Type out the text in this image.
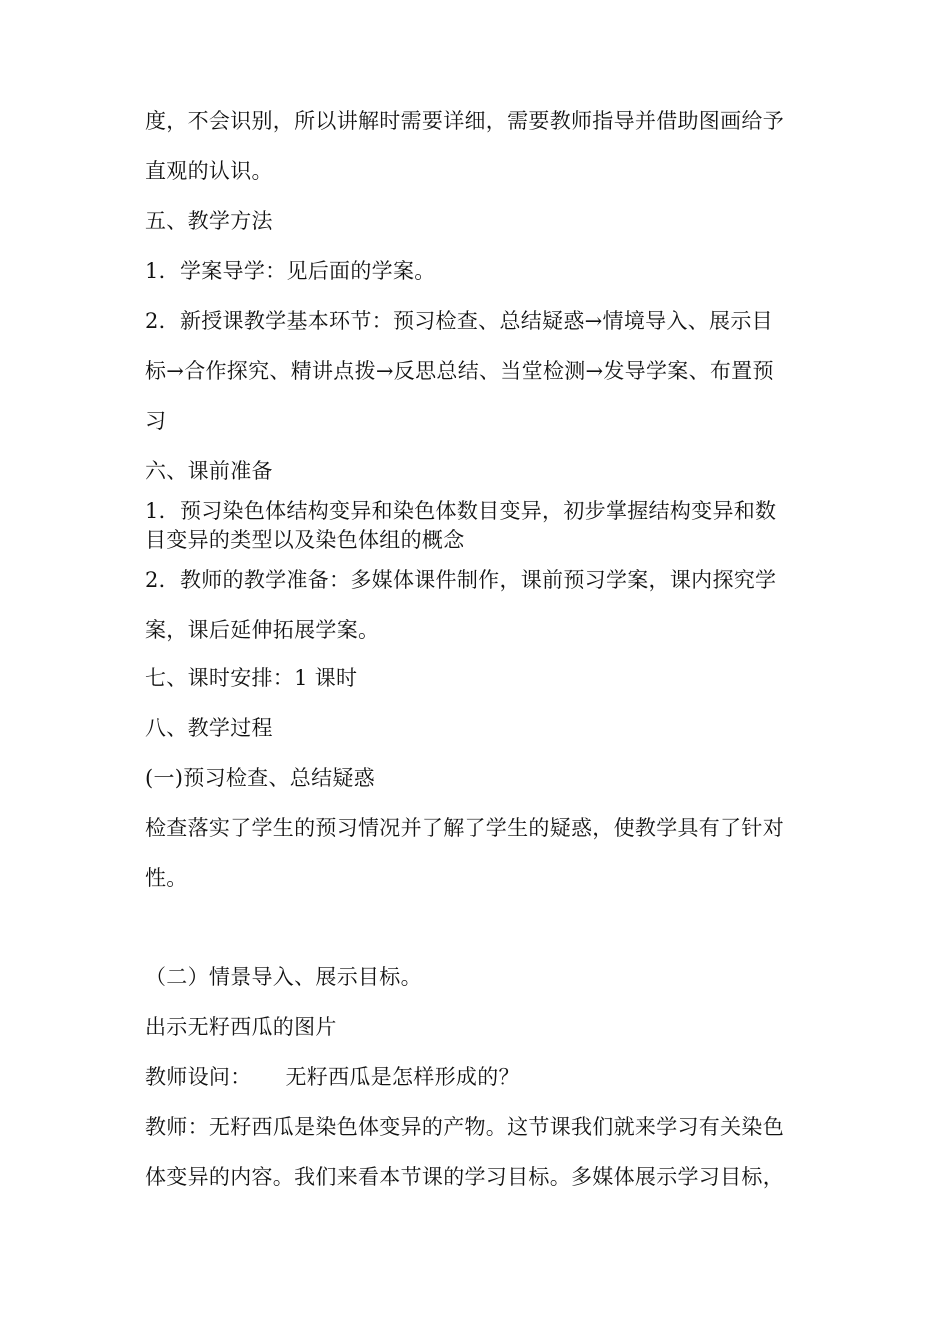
度，不会识别，所以讲解时需要详细，需要教师指导并借助图画给予
直观的认识。
五、教学方法
1．学案导学：见后面的学案。
2．新授课教学基本环节：预习检查、总结疑惑→情境导入、展示目
标→合作探究、精讲点拨→反思总结、当堂检测→发导学案、布置预
习
六、课前准备
1．预习染色体结构变异和染色体数目变异，初步掌握结构变异和数
目变异的类型以及染色体组的概念
2．教师的教学准备：多媒体课件制作，课前预习学案，课内探究学
案，课后延伸拓展学案。
七、课时安排：1 课时
八、教学过程
(一)预习检查、总结疑惑
检查落实了学生的预习情况并了解了学生的疑惑，使教学具有了针对
性。
（二）情景导入、展示目标。
出示无籽西瓜的图片
教师设问： 无籽西瓜是怎样形成的？
教师：无籽西瓜是染色体变异的产物。这节课我们就来学习有关染色
体变异的内容。我们来看本节课的学习目标。多媒体展示学习目标，
